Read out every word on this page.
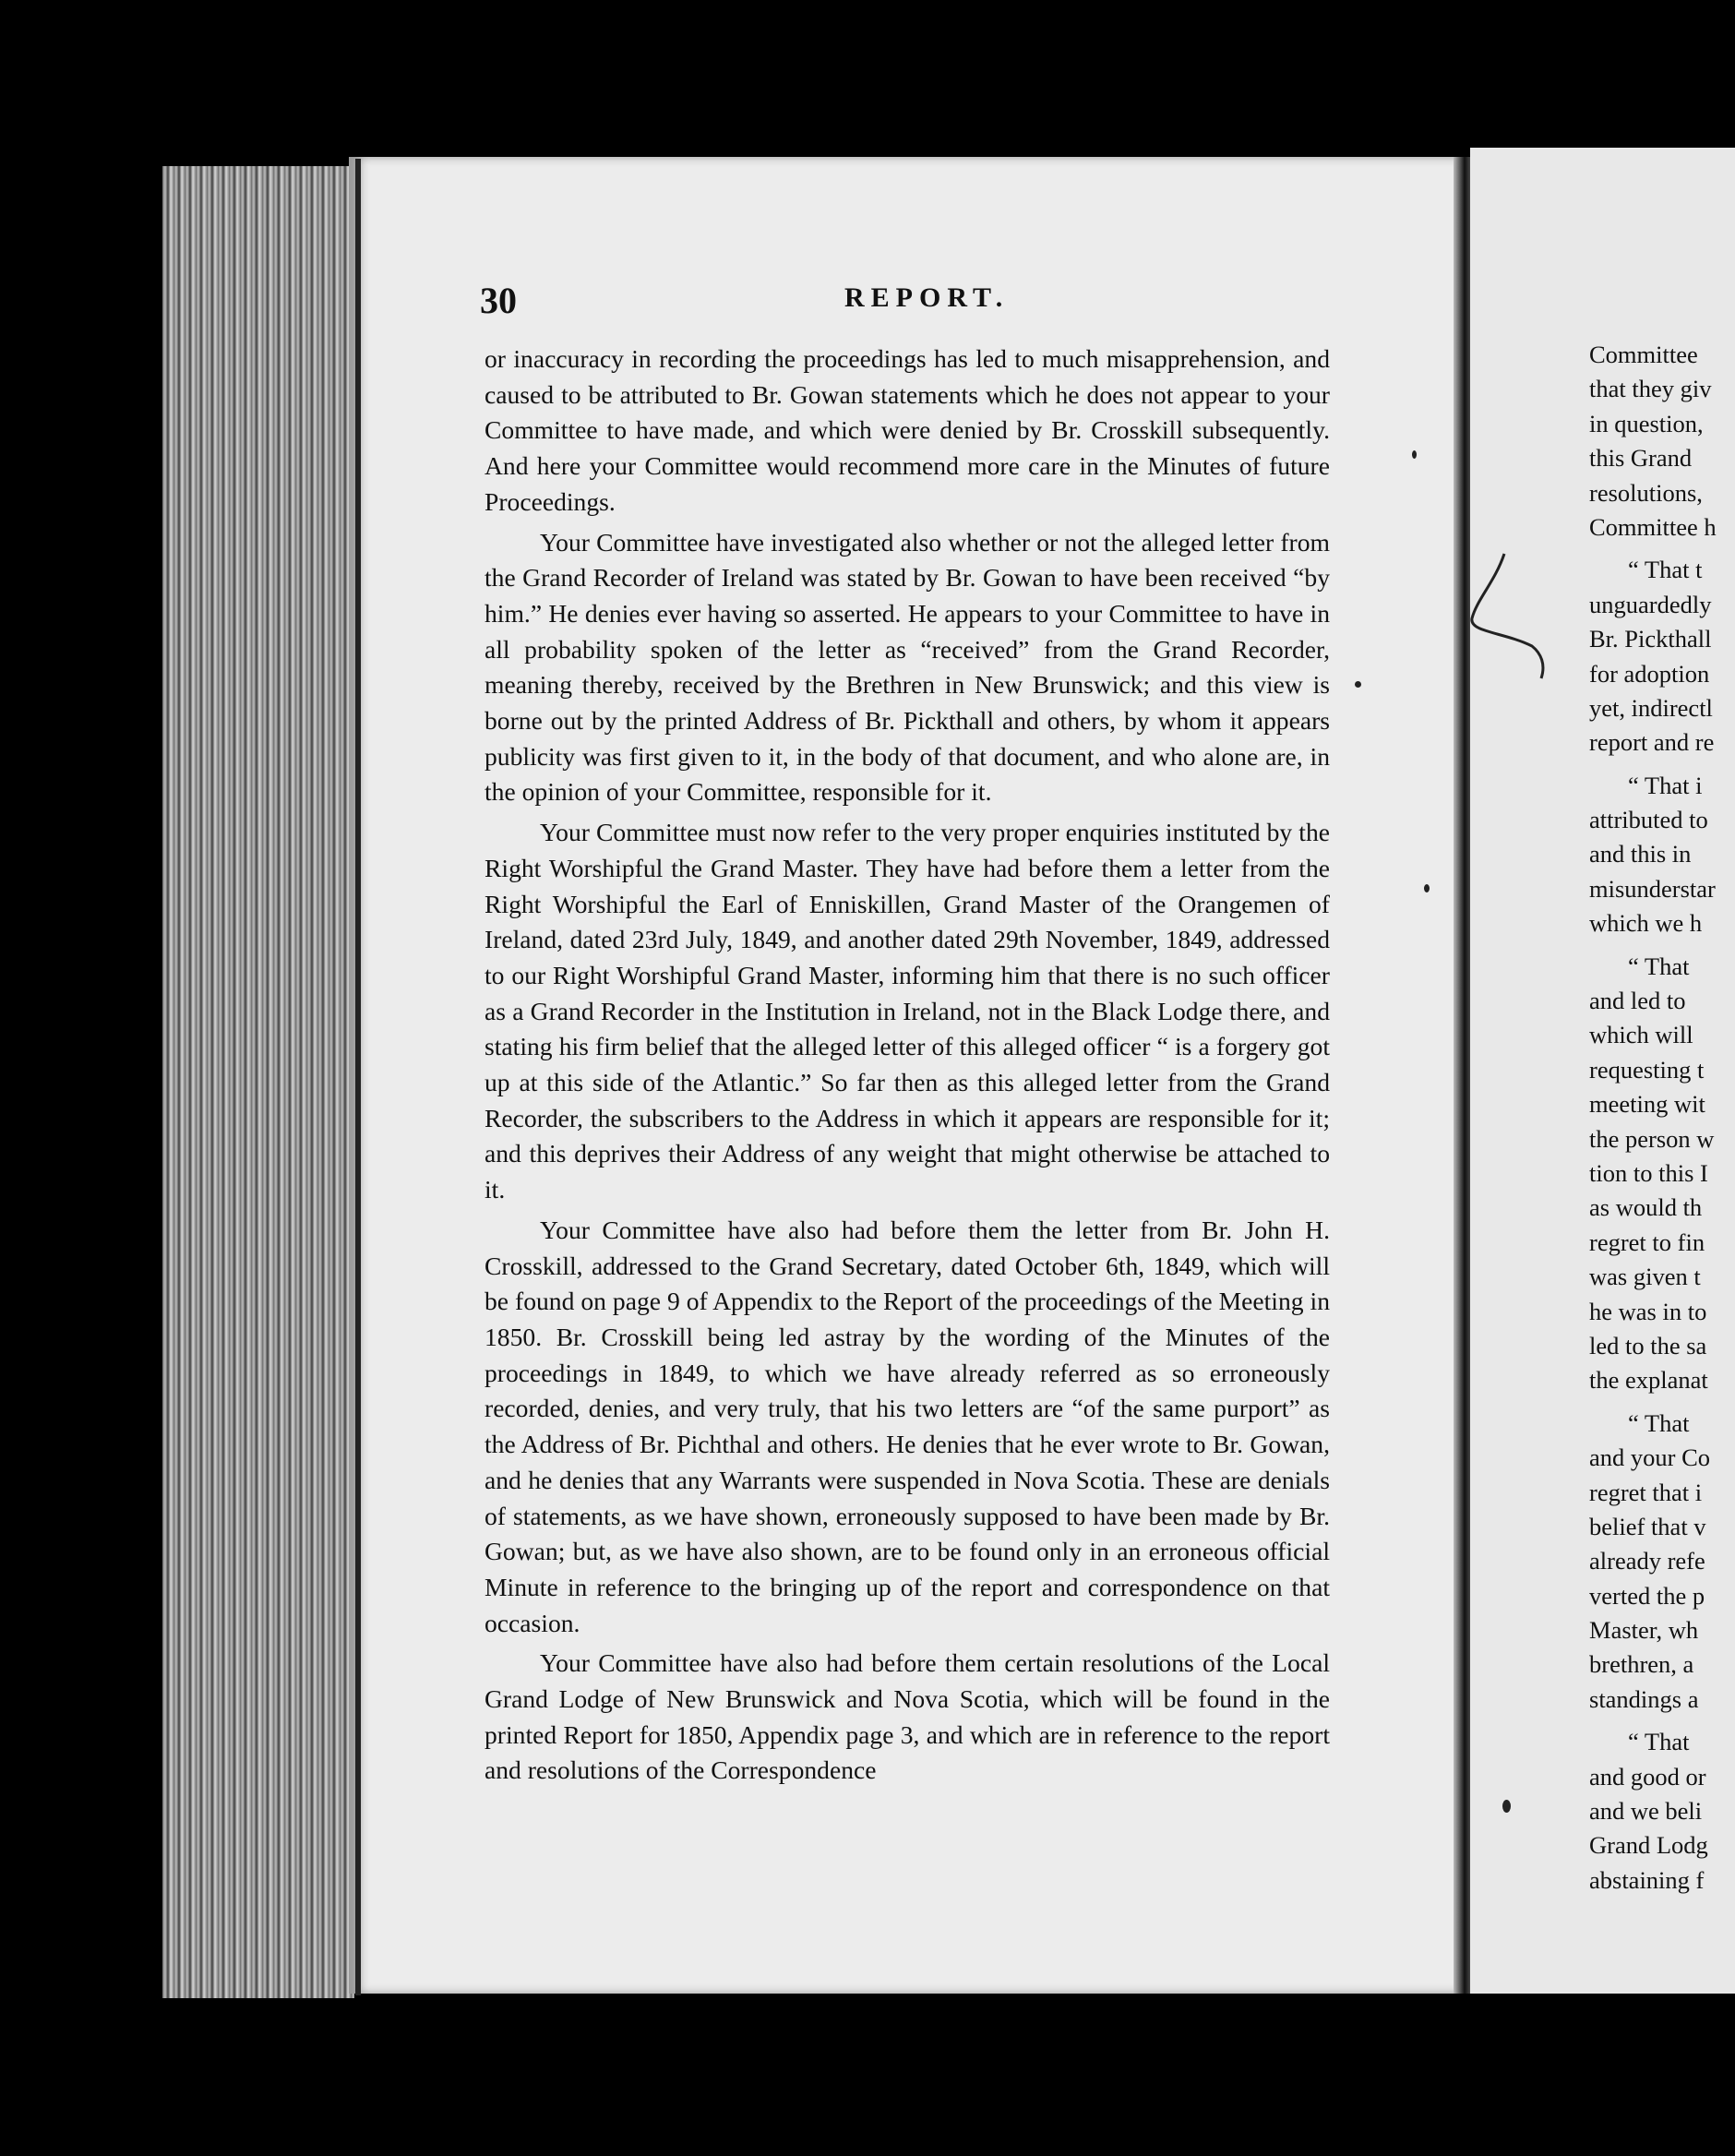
30	REPORT.

or inaccuracy in recording the proceedings has led to much misapprehension, and caused to be attributed to Br. Gowan statements which he does not appear to your Committee to have made, and which were denied by Br. Crosskill subsequently. And here your Committee would recommend more care in the Minutes of future Proceedings.

Your Committee have investigated also whether or not the alleged letter from the Grand Recorder of Ireland was stated by Br. Gowan to have been received “by him.” He denies ever having so asserted. He appears to your Committee to have in all probability spoken of the letter as “received” from the Grand Recorder, meaning thereby, received by the Brethren in New Brunswick; and this view is borne out by the printed Address of Br. Pickthall and others, by whom it appears publicity was first given to it, in the body of that document, and who alone are, in the opinion of your Committee, responsible for it.

Your Committee must now refer to the very proper enquiries instituted by the Right Worshipful the Grand Master. They have had before them a letter from the Right Worshipful the Earl of Enniskillen, Grand Master of the Orangemen of Ireland, dated 23rd July, 1849, and another dated 29th November, 1849, addressed to our Right Worshipful Grand Master, informing him that there is no such officer as a Grand Recorder in the Institution in Ireland, not in the Black Lodge there, and stating his firm belief that the alleged letter of this alleged officer “ is a forgery got up at this side of the Atlantic.” So far then as this alleged letter from the Grand Recorder, the subscribers to the Address in which it appears are responsible for it; and this deprives their Address of any weight that might otherwise be attached to it.

Your Committee have also had before them the letter from Br. John H. Crosskill, addressed to the Grand Secretary, dated October 6th, 1849, which will be found on page 9 of Appendix to the Report of the proceedings of the Meeting in 1850. Br. Crosskill being led astray by the wording of the Minutes of the proceedings in 1849, to which we have already referred as so erroneously recorded, denies, and very truly, that his two letters are “of the same purport” as the Address of Br. Pichthal and others. He denies that he ever wrote to Br. Gowan, and he denies that any Warrants were suspended in Nova Scotia. These are denials of statements, as we have shown, erroneously supposed to have been made by Br. Gowan; but, as we have also shown, are to be found only in an erroneous official Minute in reference to the bringing up of the report and correspondence on that occasion.

Your Committee have also had before them certain resolutions of the Local Grand Lodge of New Brunswick and Nova Scotia, which will be found in the printed Report for 1850, Appendix page 3, and which are in reference to the report and resolutions of the Correspondence

Committee
that they giv
in question,
this Grand
resolutions,
Committee h
“ That t
unguardedly
Br. Pickthall
for adoption
yet, indirectl
report and re
“ That i
attributed to
and this in
misunderstar
which we h
“ That
and led to
which will
requesting t
meeting wit
the person w
tion to this I
as would th
regret to fin
was given t
he was in to
led to the sa
the explanat
“ That
and your Co
regret that i
belief that v
already refe
verted the p
Master, wh
brethren, a
standings a
“ That
and good or
and we beli
Grand Lodg
abstaining f
